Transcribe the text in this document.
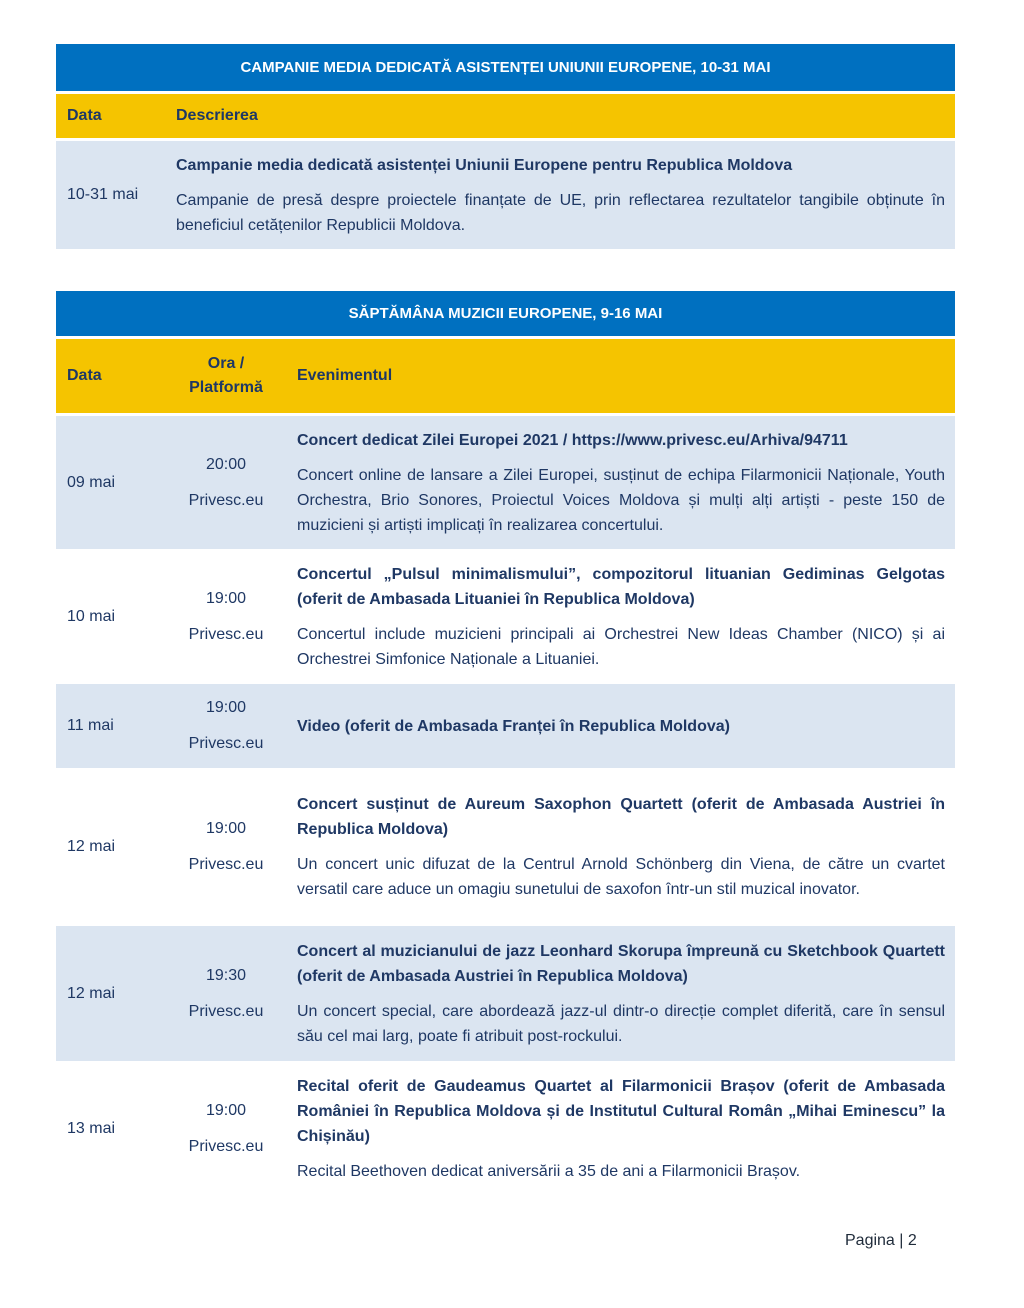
CAMPANIE MEDIA DEDICATĂ ASISTENȚEI UNIUNII EUROPENE, 10-31 MAI
Data	Descrierea
10-31 mai
Campanie media dedicată asistenței Uniunii Europene pentru Republica Moldova
Campanie de presă despre proiectele finanțate de UE, prin reflectarea rezultatelor tangibile obținute în beneficiul cetățenilor Republicii Moldova.
SĂPTĂMÂNA MUZICII EUROPENE, 9-16 MAI
Data
Ora /
Platformă
Evenimentul
09 mai
20:00
Privesc.eu
Concert dedicat Zilei Europei 2021 / https://www.privesc.eu/Arhiva/94711
Concert online de lansare a Zilei Europei, susținut de echipa Filarmonicii Naționale, Youth Orchestra, Brio Sonores, Proiectul Voices Moldova și mulți alți artiști - peste 150 de muzicieni și artiști implicați în realizarea concertului.
10 mai
19:00
Privesc.eu
Concertul „Pulsul minimalismului”, compozitorul lituanian Gediminas Gelgotas (oferit de Ambasada Lituaniei în Republica Moldova)
Concertul include muzicieni principali ai Orchestrei New Ideas Chamber (NICO) și ai Orchestrei Simfonice Naționale a Lituaniei.
11 mai
19:00
Privesc.eu
Video (oferit de Ambasada Franței în Republica Moldova)
12 mai
19:00
Privesc.eu
Concert susținut de Aureum Saxophon Quartett (oferit de Ambasada Austriei în Republica Moldova)
Un concert unic difuzat de la Centrul Arnold Schönberg din Viena, de către un cvartet versatil care aduce un omagiu sunetului de saxofon într-un stil muzical inovator.
12 mai
19:30
Privesc.eu
Concert al muzicianului de jazz Leonhard Skorupa împreună cu Sketchbook Quartett (oferit de Ambasada Austriei în Republica Moldova)
Un concert special, care abordează jazz-ul dintr-o direcție complet diferită, care în sensul său cel mai larg, poate fi atribuit post-rockului.
13 mai
19:00
Privesc.eu
Recital oferit de Gaudeamus Quartet al Filarmonicii Brașov (oferit de Ambasada României în Republica Moldova și de Institutul Cultural Român „Mihai Eminescu” la Chișinău)
Recital Beethoven dedicat aniversării a 35 de ani a Filarmonicii Brașov.
Pagina | 2
